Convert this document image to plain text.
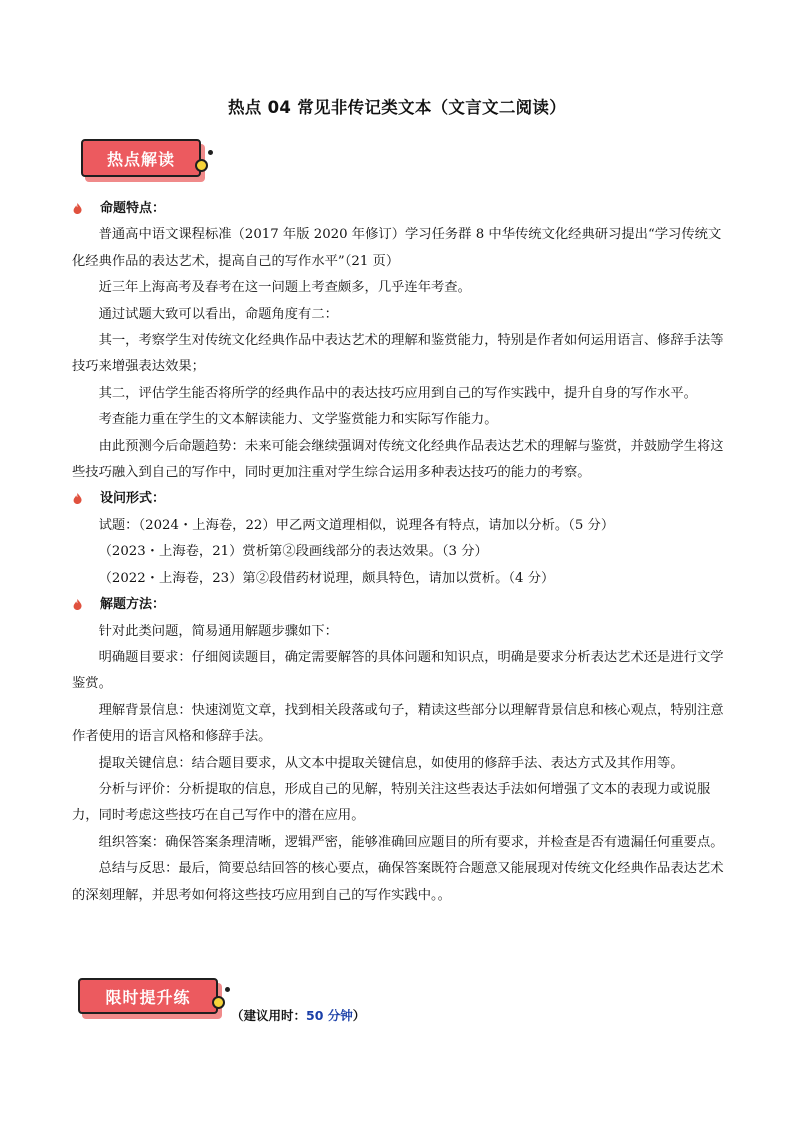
热点 04 常见非传记类文本（文言文二阅读）
热点解读

命题特点：

普通高中语文课程标准（2017 年版 2020 年修订）学习任务群 8 中华传统文化经典研习提出“学习传统文化经典作品的表达艺术，提高自己的写作水平”（21 页）

近三年上海高考及春考在这一问题上考查颇多，几乎连年考查。

通过试题大致可以看出，命题角度有二：

其一，考察学生对传统文化经典作品中表达艺术的理解和鉴赏能力，特别是作者如何运用语言、修辞手法等技巧来增强表达效果；

其二，评估学生能否将所学的经典作品中的表达技巧应用到自己的写作实践中，提升自身的写作水平。

考查能力重在学生的文本解读能力、文学鉴赏能力和实际写作能力。

由此预测今后命题趋势：未来可能会继续强调对传统文化经典作品表达艺术的理解与鉴赏，并鼓励学生将这些技巧融入到自己的写作中，同时更加注重对学生综合运用多种表达技巧的能力的考察。

设问形式：

试题：（2024・上海卷，22）甲乙两文道理相似，说理各有特点，请加以分析。（5 分）

（2023・上海卷，21）赏析第②段画线部分的表达效果。（3 分）

（2022・上海卷，23）第②段借药材说理，颇具特色，请加以赏析。（4 分）

解题方法：

针对此类问题，简易通用解题步骤如下：

明确题目要求：仔细阅读题目，确定需要解答的具体问题和知识点，明确是要求分析表达艺术还是进行文学鉴赏。

理解背景信息：快速浏览文章，找到相关段落或句子，精读这些部分以理解背景信息和核心观点，特别注意作者使用的语言风格和修辞手法。

提取关键信息：结合题目要求，从文本中提取关键信息，如使用的修辞手法、表达方式及其作用等。

分析与评价：分析提取的信息，形成自己的见解，特别关注这些表达手法如何增强了文本的表现力或说服力，同时考虑这些技巧在自己写作中的潜在应用。

组织答案：确保答案条理清晰，逻辑严密，能够准确回应题目的所有要求，并检查是否有遗漏任何重要点。

总结与反思：最后，简要总结回答的核心要点，确保答案既符合题意又能展现对传统文化经典作品表达艺术的深刻理解，并思考如何将这些技巧应用到自己的写作实践中。。

限时提升练
（建议用时：50 分钟）
